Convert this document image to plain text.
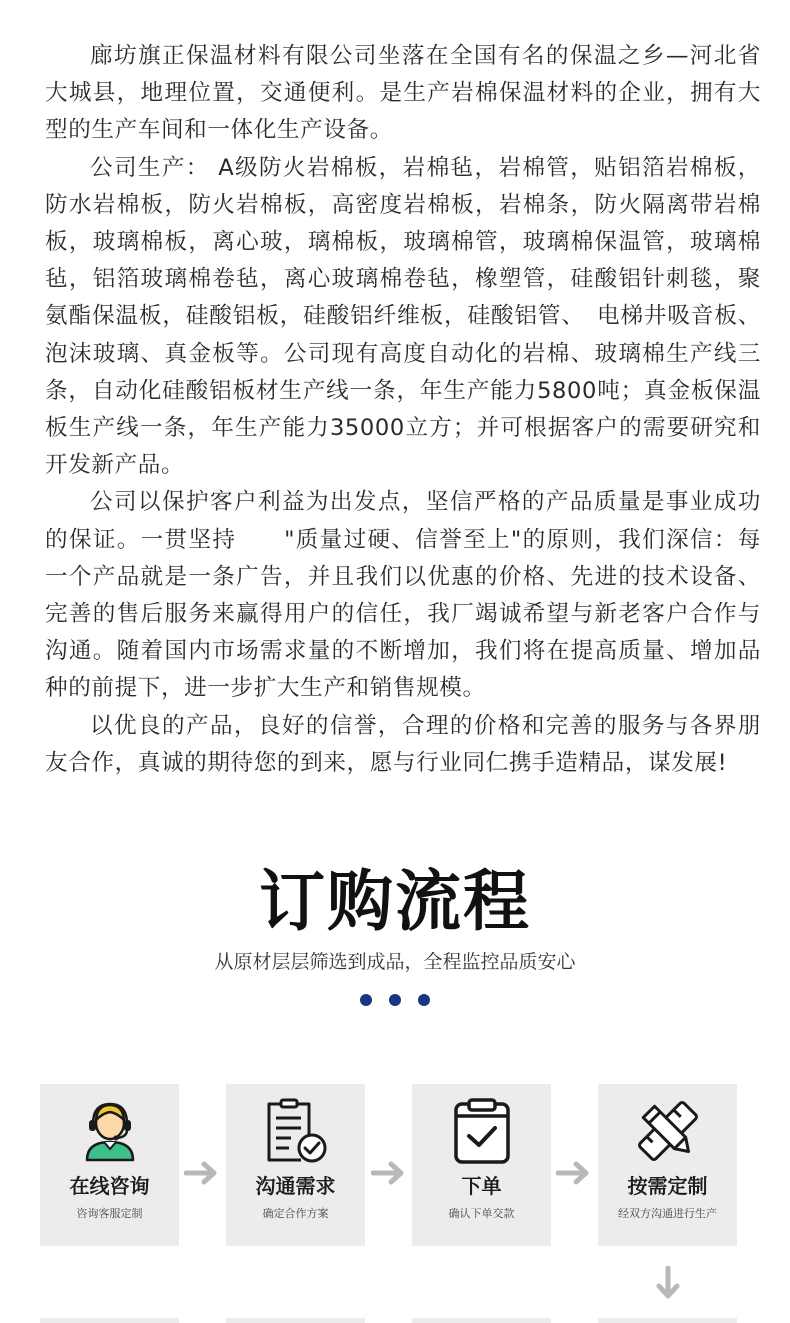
廊坊旗正保温材料有限公司坐落在全国有名的保温之乡—河北省大城县，地理位置，交通便利。是生产岩棉保温材料的企业，拥有大型的生产车间和一体化生产设备。

公司生产： A级防火岩棉板，岩棉毡，岩棉管，贴铝箔岩棉板，防水岩棉板，防火岩棉板，高密度岩棉板，岩棉条，防火隔离带岩棉板，玻璃棉板，离心玻，璃棉板，玻璃棉管，玻璃棉保温管，玻璃棉毡，铝箔玻璃棉卷毡，离心玻璃棉卷毡，橡塑管，硅酸铝针刺毯，聚氨酯保温板，硅酸铝板，硅酸铝纤维板，硅酸铝管、　电梯井吸音板、泡沫玻璃、真金板等。公司现有高度自动化的岩棉、玻璃棉生产线三条，自动化硅酸铝板材生产线一条，年生产能力5800吨；真金板保温板生产线一条，年生产能力35000立方；并可根据客户的需要研究和开发新产品。

公司以保护客户利益为出发点，坚信严格的产品质量是事业成功的保证。一贯坚持　　"质量过硬、信誉至上"的原则，我们深信：每一个产品就是一条广告，并且我们以优惠的价格、先进的技术设备、完善的售后服务来赢得用户的信任，我厂竭诚希望与新老客户合作与沟通。随着国内市场需求量的不断增加，我们将在提高质量、增加品种的前提下，进一步扩大生产和销售规模。

以优良的产品，良好的信誉，合理的价格和完善的服务与各界朋友合作，真诚的期待您的到来，愿与行业同仁携手造精品，谋发展!

订购流程
从原材层层筛选到成品，全程监控品质安心

在线咨询
咨询客服定制
沟通需求
确定合作方案
下单
确认下单交款
按需定制
经双方沟通进行生产
